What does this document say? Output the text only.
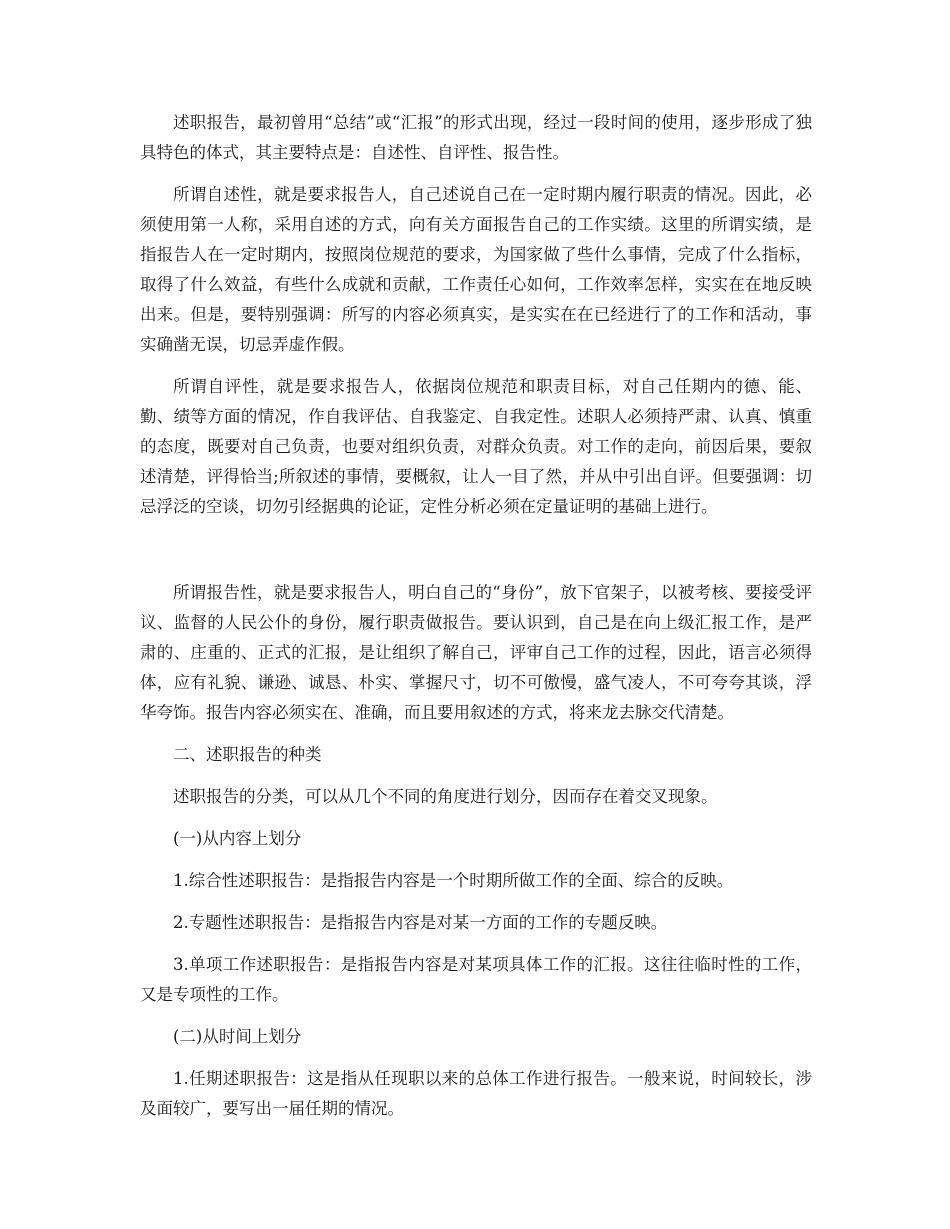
述职报告，最初曾用“总结”或“汇报”的形式出现，经过一段时间的使用，逐步形成了独具特色的体式，其主要特点是：自述性、自评性、报告性。

所谓自述性，就是要求报告人，自己述说自己在一定时期内履行职责的情况。因此，必须使用第一人称，采用自述的方式，向有关方面报告自己的工作实绩。这里的所谓实绩，是指报告人在一定时期内，按照岗位规范的要求，为国家做了些什么事情，完成了什么指标，取得了什么效益，有些什么成就和贡献，工作责任心如何，工作效率怎样，实实在在地反映出来。但是，要特别强调：所写的内容必须真实，是实实在在已经进行了的工作和活动，事实确凿无误，切忌弄虚作假。

所谓自评性，就是要求报告人，依据岗位规范和职责目标，对自己任期内的德、能、勤、绩等方面的情况，作自我评估、自我鉴定、自我定性。述职人必须持严肃、认真、慎重的态度，既要对自己负责，也要对组织负责，对群众负责。对工作的走向，前因后果，要叙述清楚，评得恰当;所叙述的事情，要概叙，让人一目了然，并从中引出自评。但要强调：切忌浮泛的空谈，切勿引经据典的论证，定性分析必须在定量证明的基础上进行。

所谓报告性，就是要求报告人，明白自己的“身份”，放下官架子，以被考核、要接受评议、监督的人民公仆的身份，履行职责做报告。要认识到，自己是在向上级汇报工作，是严肃的、庄重的、正式的汇报，是让组织了解自己，评审自己工作的过程，因此，语言必须得体，应有礼貌、谦逊、诚恳、朴实、掌握尺寸，切不可傲慢，盛气凌人，不可夸夸其谈，浮华夸饰。报告内容必须实在、准确，而且要用叙述的方式，将来龙去脉交代清楚。

二、述职报告的种类

述职报告的分类，可以从几个不同的角度进行划分，因而存在着交叉现象。

(一)从内容上划分

1.综合性述职报告：是指报告内容是一个时期所做工作的全面、综合的反映。

2.专题性述职报告：是指报告内容是对某一方面的工作的专题反映。

3.单项工作述职报告：是指报告内容是对某项具体工作的汇报。这往往临时性的工作，又是专项性的工作。

(二)从时间上划分

1.任期述职报告：这是指从任现职以来的总体工作进行报告。一般来说，时间较长，涉及面较广，要写出一届任期的情况。
